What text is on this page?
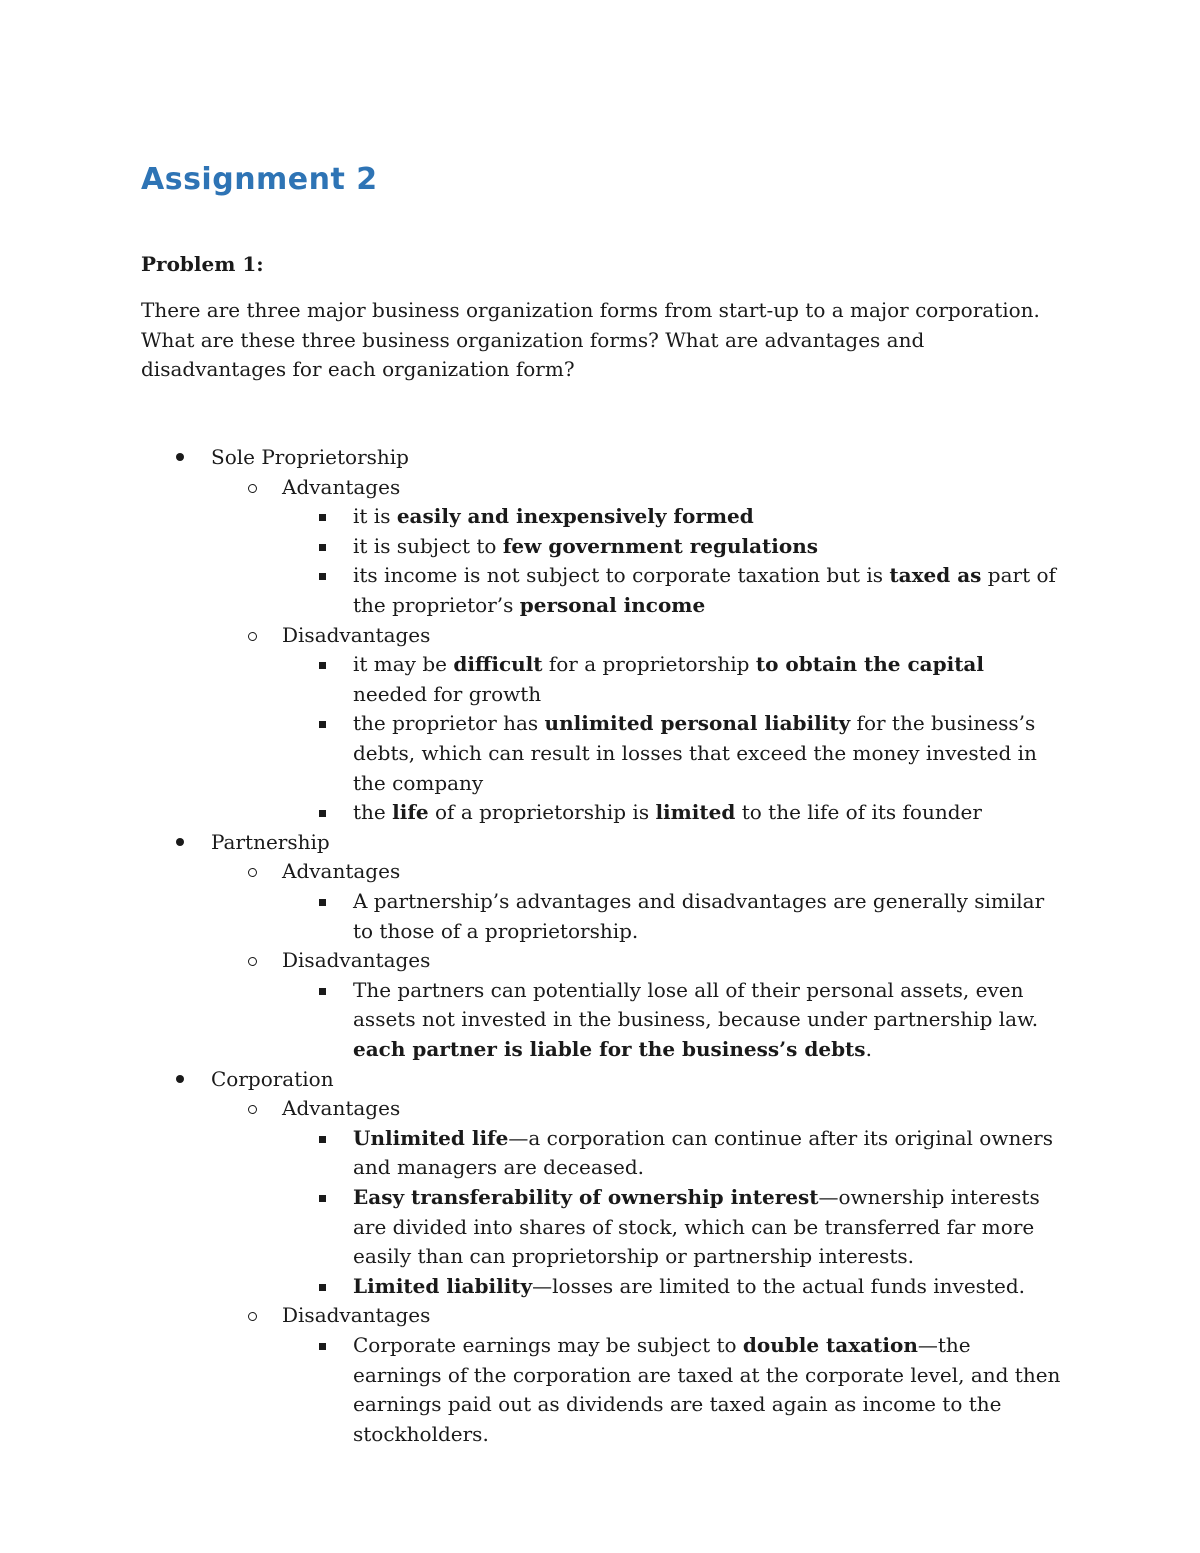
Assignment 2
Problem 1:

There are three major business organization forms from start-up to a major corporation. What are these three business organization forms? What are advantages and disadvantages for each organization form?

Sole Proprietorship
Advantages
it is easily and inexpensively formed
it is subject to few government regulations
its income is not subject to corporate taxation but is taxed as part of the proprietor’s personal income
Disadvantages
it may be difficult for a proprietorship to obtain the capital needed for growth
the proprietor has unlimited personal liability for the business’s debts, which can result in losses that exceed the money invested in the company
the life of a proprietorship is limited to the life of its founder
Partnership
Advantages
A partnership’s advantages and disadvantages are generally similar to those of a proprietorship.
Disadvantages
The partners can potentially lose all of their personal assets, even assets not invested in the business, because under partnership law. each partner is liable for the business’s debts.
Corporation
Advantages
Unlimited life—a corporation can continue after its original owners and managers are deceased.
Easy transferability of ownership interest—ownership interests are divided into shares of stock, which can be transferred far more easily than can proprietorship or partnership interests.
Limited liability—losses are limited to the actual funds invested.
Disadvantages
Corporate earnings may be subject to double taxation—the earnings of the corporation are taxed at the corporate level, and then earnings paid out as dividends are taxed again as income to the stockholders.
